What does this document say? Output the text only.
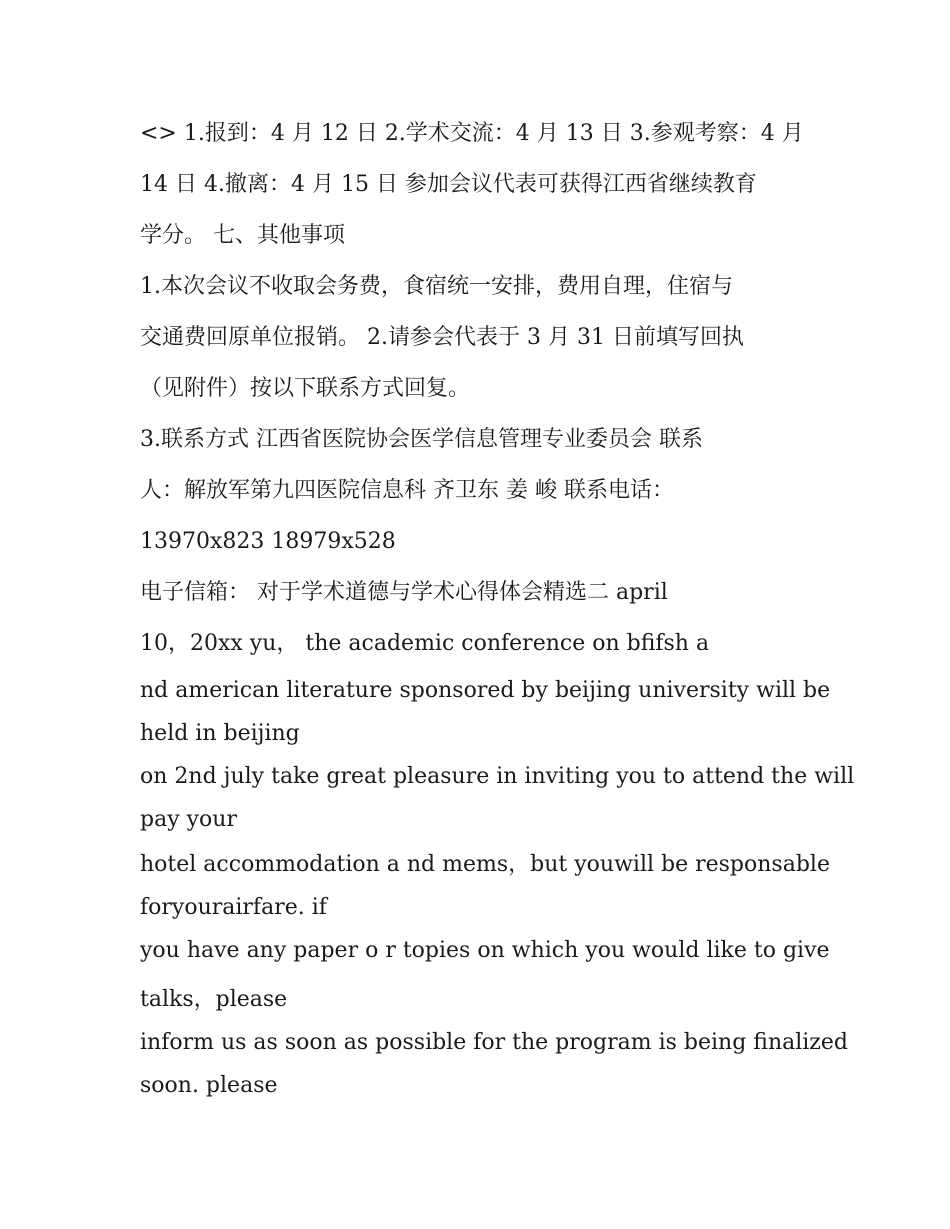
<> 1.报到：4 月 12 日 2.学术交流：4 月 13 日 3.参观考察：4 月
14 日 4.撤离：4 月 15 日 参加会议代表可获得江西省继续教育
学分。 七、其他事项

1.本次会议不收取会务费，食宿统一安排，费用自理，住宿与
交通费回原单位报销。 2.请参会代表于 3 月 31 日前填写回执
（见附件）按以下联系方式回复。

3.联系方式 江西省医院协会医学信息管理专业委员会 联系
人：解放军第九四医院信息科 齐卫东 姜 峻 联系电话：
13970x823 18979x528

电子信箱： 对于学术道德与学术心得体会精选二 april
10，20xx yu， the academic conference on bfifsh a

nd american literature sponsored by beijing university will be
held in beijing

on 2nd july take great pleasure in inviting you to attend the will
pay your

hotel accommodation a nd mems，but youwill be responsable
foryourairfare. if

you have any paper o r topies on which you would like to give
talks，please

inform us as soon as possible for the program is being finalized
soon. please
